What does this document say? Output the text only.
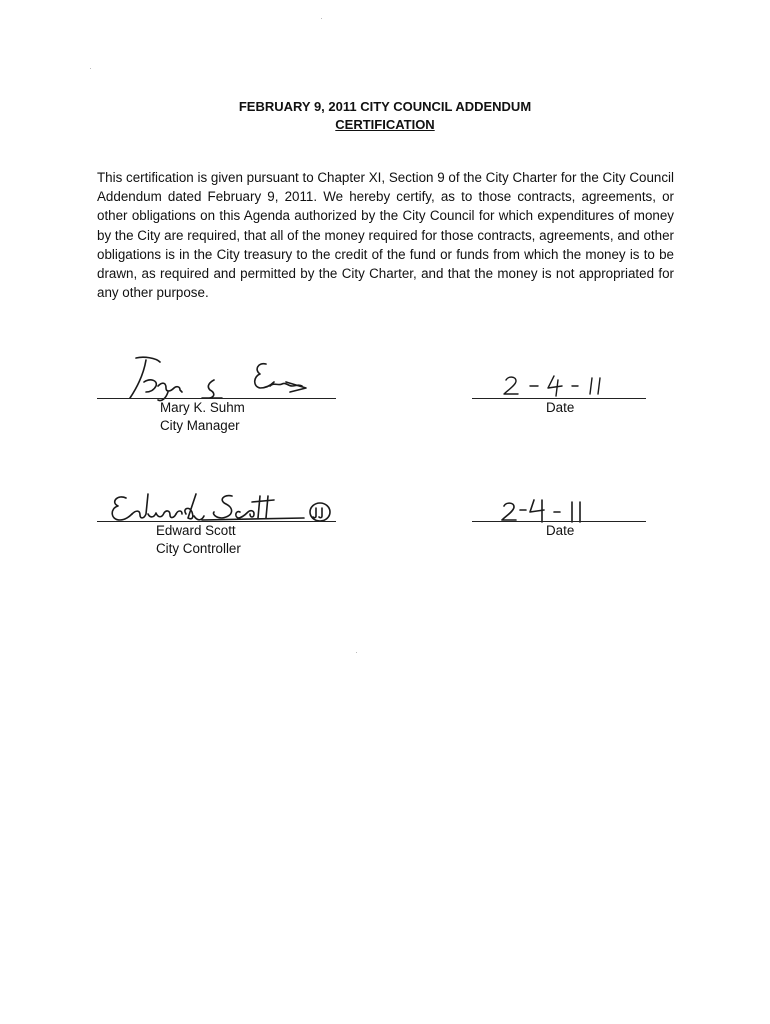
FEBRUARY 9, 2011 CITY COUNCIL ADDENDUM
CERTIFICATION
This certification is given pursuant to Chapter XI, Section 9 of the City Charter for the City Council Addendum dated February 9, 2011. We hereby certify, as to those contracts, agreements, or other obligations on this Agenda authorized by the City Council for which expenditures of money by the City are required, that all of the money required for those contracts, agreements, and other obligations is in the City treasury to the credit of the fund or funds from which the money is to be drawn, as required and permitted by the City Charter, and that the money is not appropriated for any other purpose.
Mary K. Suhm
City Manager
Date
Edward Scott
City Controller
Date
